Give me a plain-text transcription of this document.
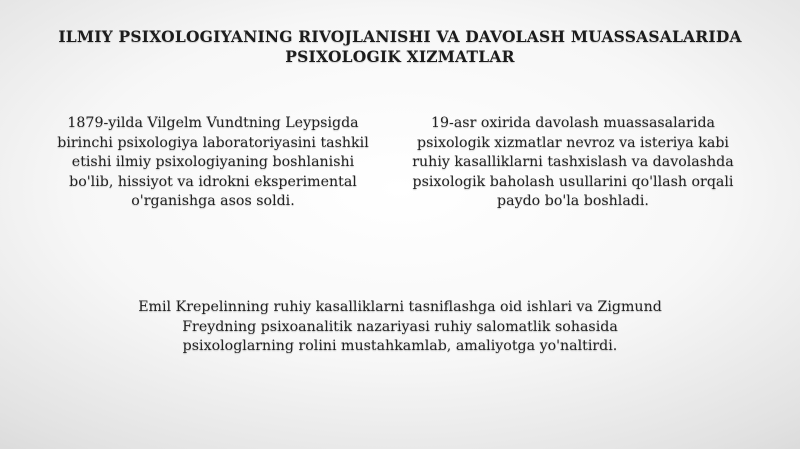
ILMIY PSIXOLOGIYANING RIVOJLANISHI VA DAVOLASH MUASSASALARIDA PSIXOLOGIK XIZMATLAR
1879-yilda Vilgelm Vundtning Leypsigda birinchi psixologiya laboratoriyasini tashkil etishi ilmiy psixologiyaning boshlanishi bo'lib, hissiyot va idrokni eksperimental o'rganishga asos soldi.
19-asr oxirida davolash muassasalarida psixologik xizmatlar nevroz va isteriya kabi ruhiy kasalliklarni tashxislash va davolashda psixologik baholash usullarini qo'llash orqali paydo bo'la boshladi.
Emil Krepelinning ruhiy kasalliklarni tasniflashga oid ishlari va Zigmund Freydning psixoanalitik nazariyasi ruhiy salomatlik sohasida psixologlarning rolini mustahkamlab, amaliyotga yo'naltirdi.
